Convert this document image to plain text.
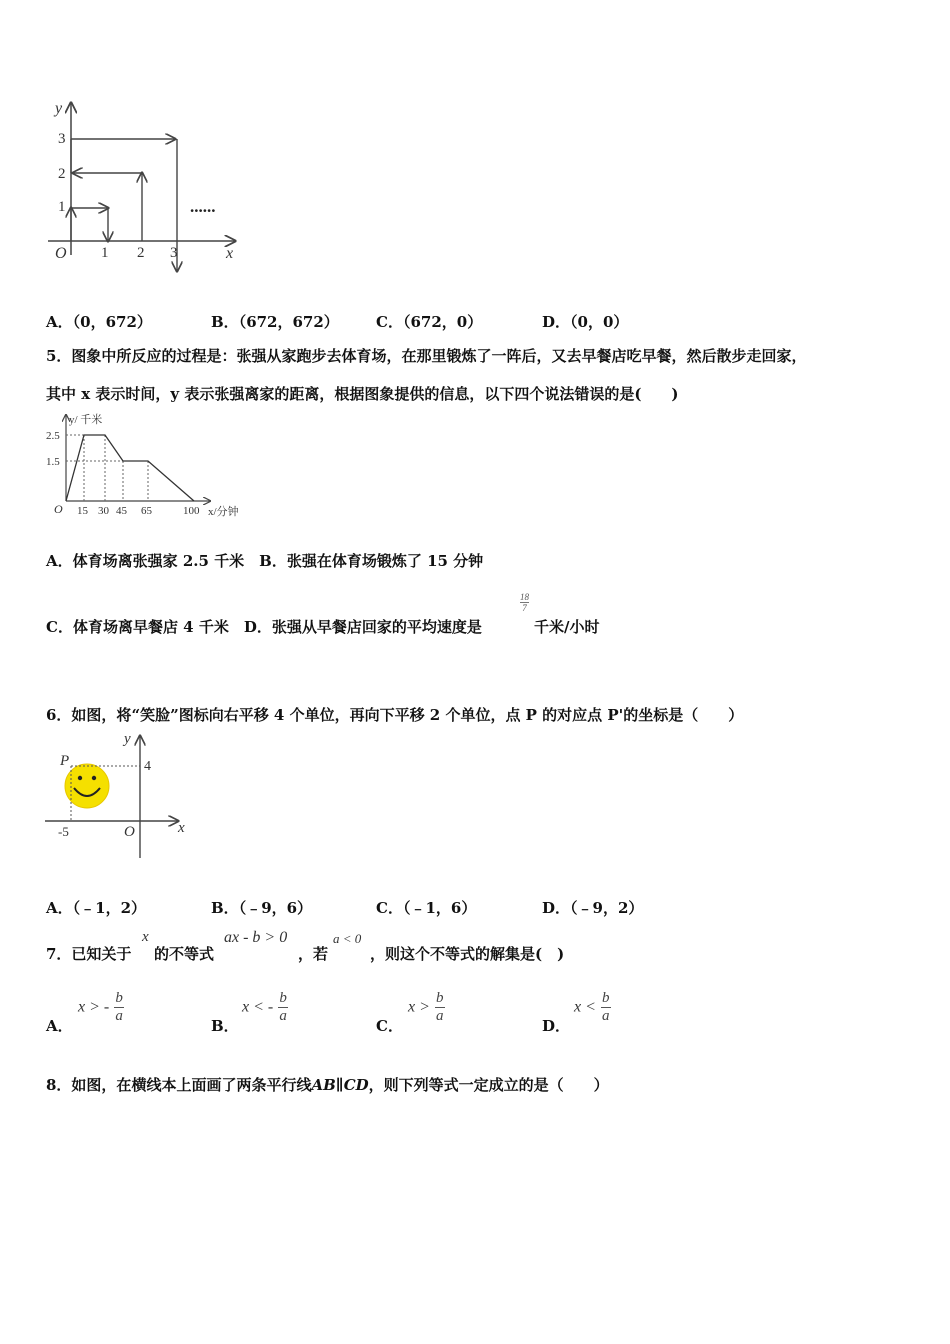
y
x
O
1
2
3
1 2 3
......
A．（0，672）	B．（672，672） C．（672，0）	D．（0，0）
5．图象中所反应的过程是：张强从家跑步去体育场，在那里锻炼了一阵后，又去早餐店吃早餐，然后散步走回家，
其中 x 表示时间，y 表示张强离家的距离，根据图象提供的信息，以下四个说法错误的是(　　)
y/ 千米
x/分钟
O
2.5
1.5
15 30 45 65	100
A．体育场离张强家 2.5 千米　B．张强在体育场锻炼了 15 分钟
C．体育场离早餐店 4 千米　D．张强从早餐店回家的平均速度是
$\frac{18}{7}$
千米/小时
6．如图，将“笑脸”图标向右平移 4 个单位，再向下平移 2 个单位，点 P 的对应点 P'的坐标是（　　）
P
y
4
x
O
-5
A．（﹣1，2）	B．（﹣9，6）	C．（﹣1，6）	D．（﹣9，2）
7．已知关于
x
的不等式
ax - b > 0
，若
a < 0
，则这个不等式的解集是(　)
A．
x > - $\frac{b}{a}$
B．
x < - $\frac{b}{a}$
C．
$x > \frac{b}{a}$
D．
$x < \frac{b}{a}$
8．如图，在横线本上面画了两条平行线AB∥CD，则下列等式一定成立的是（　　）
